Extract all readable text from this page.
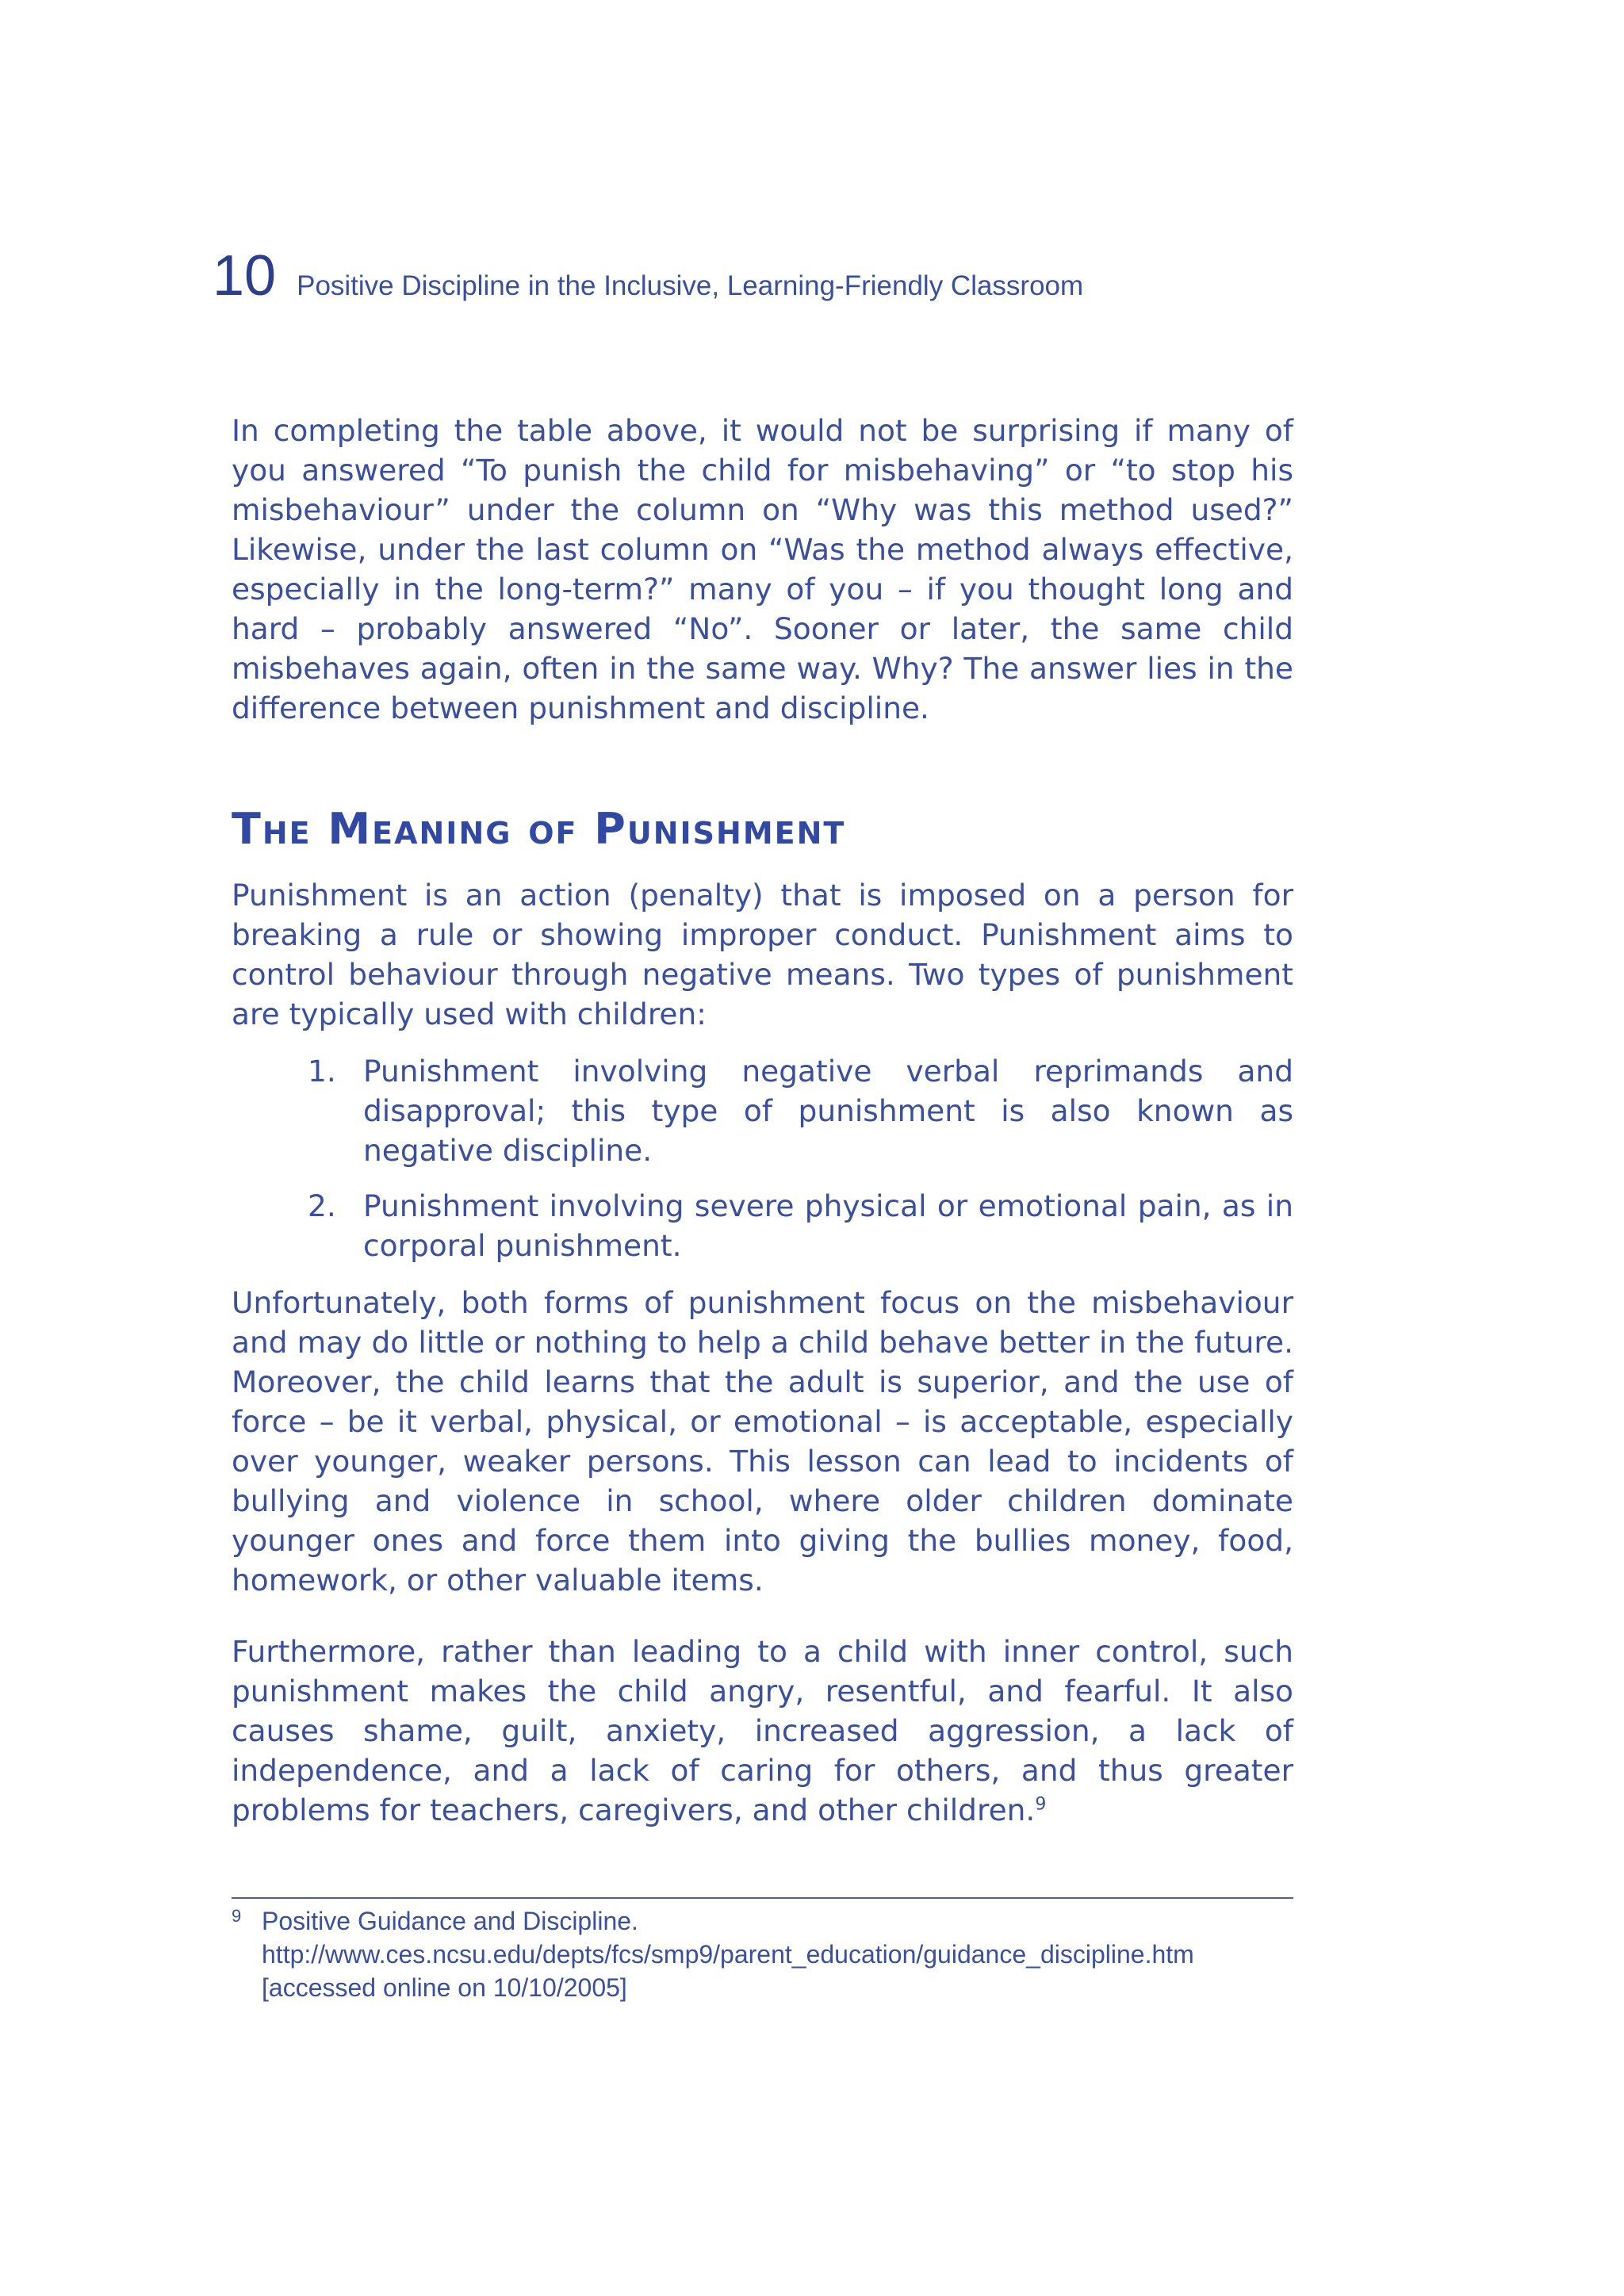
10 Positive Discipline in the Inclusive, Learning-Friendly Classroom

In completing the table above, it would not be surprising if many of you answered “To punish the child for misbehaving” or “to stop his misbehaviour” under the column on “Why was this method used?” Likewise, under the last column on “Was the method always effective, especially in the long-term?” many of you – if you thought long and hard – probably answered “No”. Sooner or later, the same child misbehaves again, often in the same way. Why? The answer lies in the difference between punishment and discipline.

The Meaning of Punishment

Punishment is an action (penalty) that is imposed on a person for breaking a rule or showing improper conduct. Punishment aims to control behaviour through negative means. Two types of punishment are typically used with children:

1. Punishment involving negative verbal reprimands and disapproval; this type of punishment is also known as negative discipline.
2. Punishment involving severe physical or emotional pain, as in corporal punishment.

Unfortunately, both forms of punishment focus on the misbehaviour and may do little or nothing to help a child behave better in the future. Moreover, the child learns that the adult is superior, and the use of force – be it verbal, physical, or emotional – is acceptable, especially over younger, weaker persons. This lesson can lead to incidents of bullying and violence in school, where older children dominate younger ones and force them into giving the bullies money, food, homework, or other valuable items.

Furthermore, rather than leading to a child with inner control, such punishment makes the child angry, resentful, and fearful. It also causes shame, guilt, anxiety, increased aggression, a lack of independence, and a lack of caring for others, and thus greater problems for teachers, caregivers, and other children.$^9$

9 Positive Guidance and Discipline. http://www.ces.ncsu.edu/depts/fcs/smp9/parent_education/guidance_discipline.htm [accessed online on 10/10/2005]
